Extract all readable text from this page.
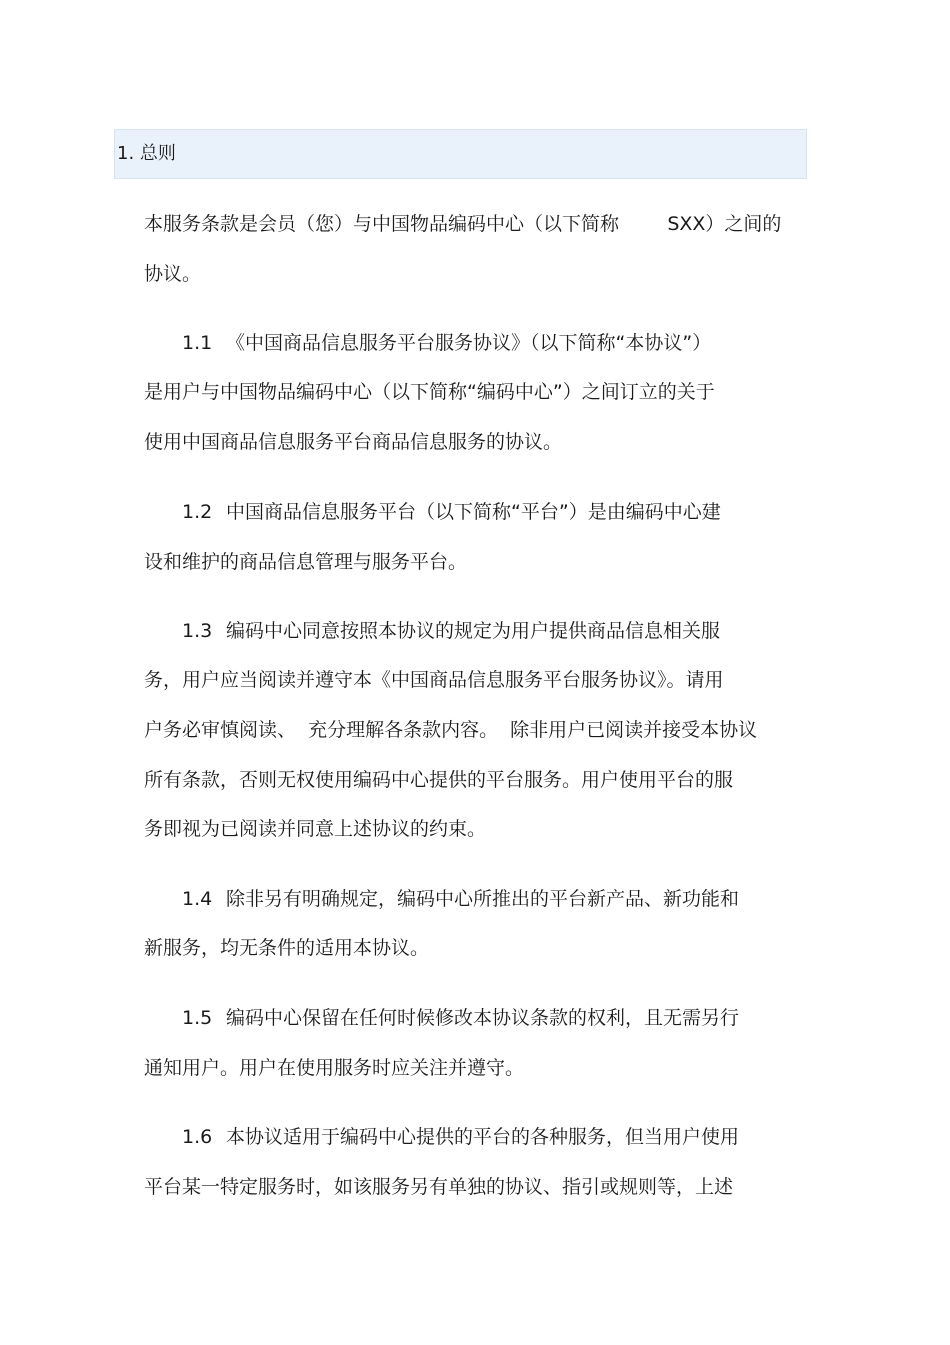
1. 总则
本服务条款是会员（您）与中国物品编码中心（以下简称        SXX）之间的
协议。
1.1 《中国商品信息服务平台服务协议》（以下简称“本协议”）
是用户与中国物品编码中心（以下简称“编码中心”）之间订立的关于
使用中国商品信息服务平台商品信息服务的协议。
1.2 中国商品信息服务平台（以下简称“平台”）是由编码中心建
设和维护的商品信息管理与服务平台。
1.3 编码中心同意按照本协议的规定为用户提供商品信息相关服
务，用户应当阅读并遵守本《中国商品信息服务平台服务协议》。请用
户务必审慎阅读、  充分理解各条款内容。  除非用户已阅读并接受本协议
所有条款，否则无权使用编码中心提供的平台服务。用户使用平台的服
务即视为已阅读并同意上述协议的约束。
1.4 除非另有明确规定，编码中心所推出的平台新产品、新功能和
新服务，均无条件的适用本协议。
1.5 编码中心保留在任何时候修改本协议条款的权利，且无需另行
通知用户。用户在使用服务时应关注并遵守。
1.6 本协议适用于编码中心提供的平台的各种服务，但当用户使用
平台某一特定服务时，如该服务另有单独的协议、指引或规则等，上述
